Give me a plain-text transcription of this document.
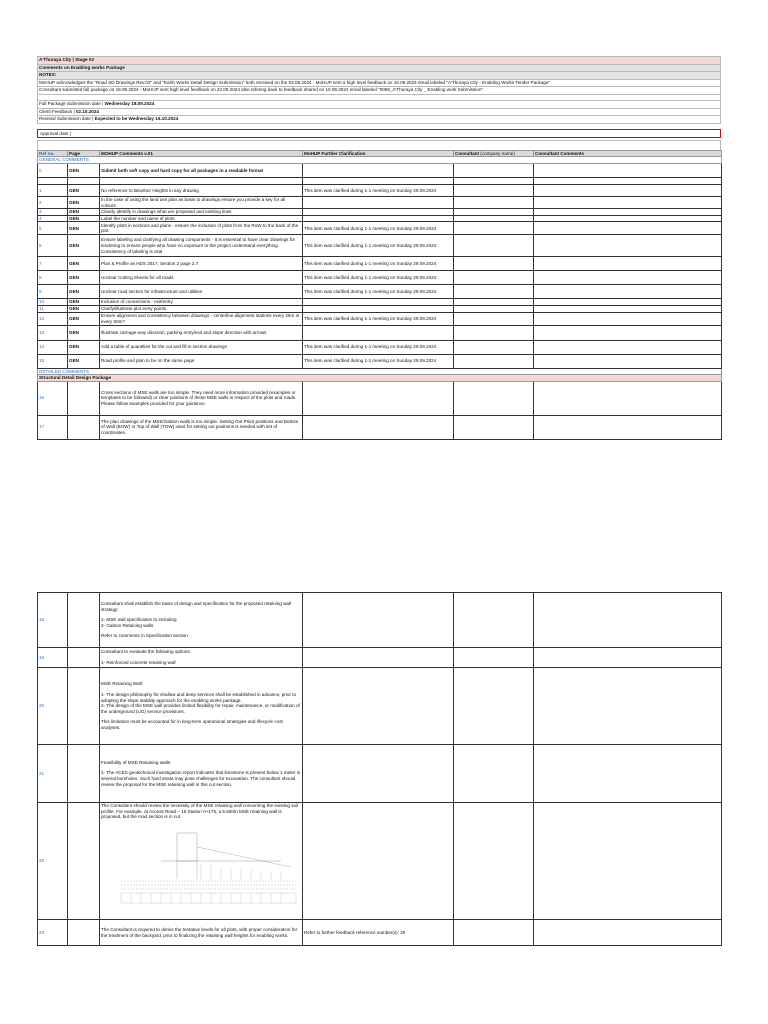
A'Thuraya City | Stage 03
Comments on Enabling works Package
NOTES:
MoHUP acknowledges the "Road SD Drawings Rev.02" and "Earth Works Detail Design Submission" both received on the 03.09.2024 - MoHUP sent a high level feedback on 10.09.2024 email labeled "A'Thuraya City - Enabling Works Tender Package"
Consultant submitted full package on 18.09.2024 - MoHUP sent high level feedback on 22.09.2024 also refering back to feedback shared on 10.09.2024 email labeled "0099_A'Thuraya City _ Enabling work Submission"
Full Package Submission date | Wednesday 18.09.2024
Client Feedback | 02.10.2024
Revised Submission date | Expected to be Wednesday 16.10.2024
Approval date |
Ref no.	Page	MOHUP Comments v.01	MoHUP Further Clarification	Consultant (company name)	Consultant Comments
GENERAL COMMENTS					
0	GEN	Submit both soft copy and hard copy for all packages in a readable format			

1	GEN	No reference to Beusher Heights in any drawing	This item was clarified during 1-1 meeting on Sunday 29.09.2024		
2	GEN	In the case of using the land use plan as basis to drawings ensure you provide a key for all colours			
3	GEN	Clearly identify in drawings what are proposed and existing lines			
4	GEN	Label the number and name of plots			
5	GEN	Identify plots in sections and plans - ensure the inclusion of plots from the RoW to the back of the plot	This item was clarified during 1-1 meeting on Sunday 29.09.2024		
6	GEN	Ensure labeling and clarifying all drawing components - It is essential to have clear drawings for tendering to ensure people who have no exposure to the project understand everything. Consistency of labeling is vital	This item was clarified during 1-1 meeting on Sunday 29.09.2024		
7	GEN	Plan & Profile as HDS 2017, Section 2 page 2.7.	This item was clarified during 1-1 meeting on Sunday 29.09.2024		
8	GEN	Unclear Cutting Sheets for all roads	This item was clarified during 1-1 meeting on Sunday 29.09.2024		
9	GEN	Unclear road section for infrastructure and utilities	This item was clarified during 1-1 meeting on Sunday 29.09.2024		
10	GEN	Inclusion of connections - exit/entry			
11	GEN	Clarify/illustrate plot entry points			
12	GEN	Ensure alignment and consistency between drawings - centerline alignment stations every 25m or every 50m?	This item was clarified during 1-1 meeting on Sunday 29.09.2024		
13	GEN	Illustrate carriage-way direction, parking entry/exit and slope direction with arrows			
14	GEN	Add a table of quantities for the cut and fill in section drawings	This item was clarified during 1-1 meeting on Sunday 29.09.2024		
15	GEN	Road profile and plan to be on the same page	This item was clarified during 1-1 meeting on Sunday 29.09.2024		
DETAILED COMMENTS					
Structural Detail Design Package					
16		Cross sections of MSE walls are too simple. They need more information provided (examples or templates to be followed) or clear positions of these MSE walls in respect of the plots and roads. Please follow examples provided for your guidance.			
17		The plan drawings of the MSE/Gabion walls is too simple. Setting Out Point positions and Bottom of Wall (BOW) or Top of Wall (TOW) used for setting out positions is needed with set of coordinates.			
18		Consultant shall establish the basis of design and specification for the proposed retaining wall strategy:
1- MSE wall specification to including
2- Gabion Retaining walls
Refer to comments in Specification section			

19		Consultant to evaluate the following options:
1- Reinforced concrete retaining wall			

20		MSE Retaining Wall:
1- The design philosophy for shallow and deep services shall be established in advance, prior to adopting the slope stability approach for the enabling works package.
2- The design of the MSE wall provides limited flexibility for repair, maintenance, or modification of the underground (UG) service provisions.
This limitation must be accounted for in long-term operational strategies and lifecycle cost analyses.			

21		Feasibility of MSE Retaining walls:
1- The ACES geotechnical investigation report indicates that limestone is present below 1 meter in several boreholes. Such hard strata may pose challenges for excavation. The consultant should review the proposal for the MSE retaining wall in this cut section.			

22		The Consultant should review the necessity of the MSE retaining wall concerning the existing soil profile. For example, at Access Road – 16 Station 0+175, a 5.600m MSE retaining wall is proposed, but the road section is in cut.			

23		The Consultant is required to derive the tentative levels for all plots, with proper consideration for the treatment of the backyard, prior to finalizing the retaining wall heights for enabling works.	Refer to further feedback reference number(s): 26		
